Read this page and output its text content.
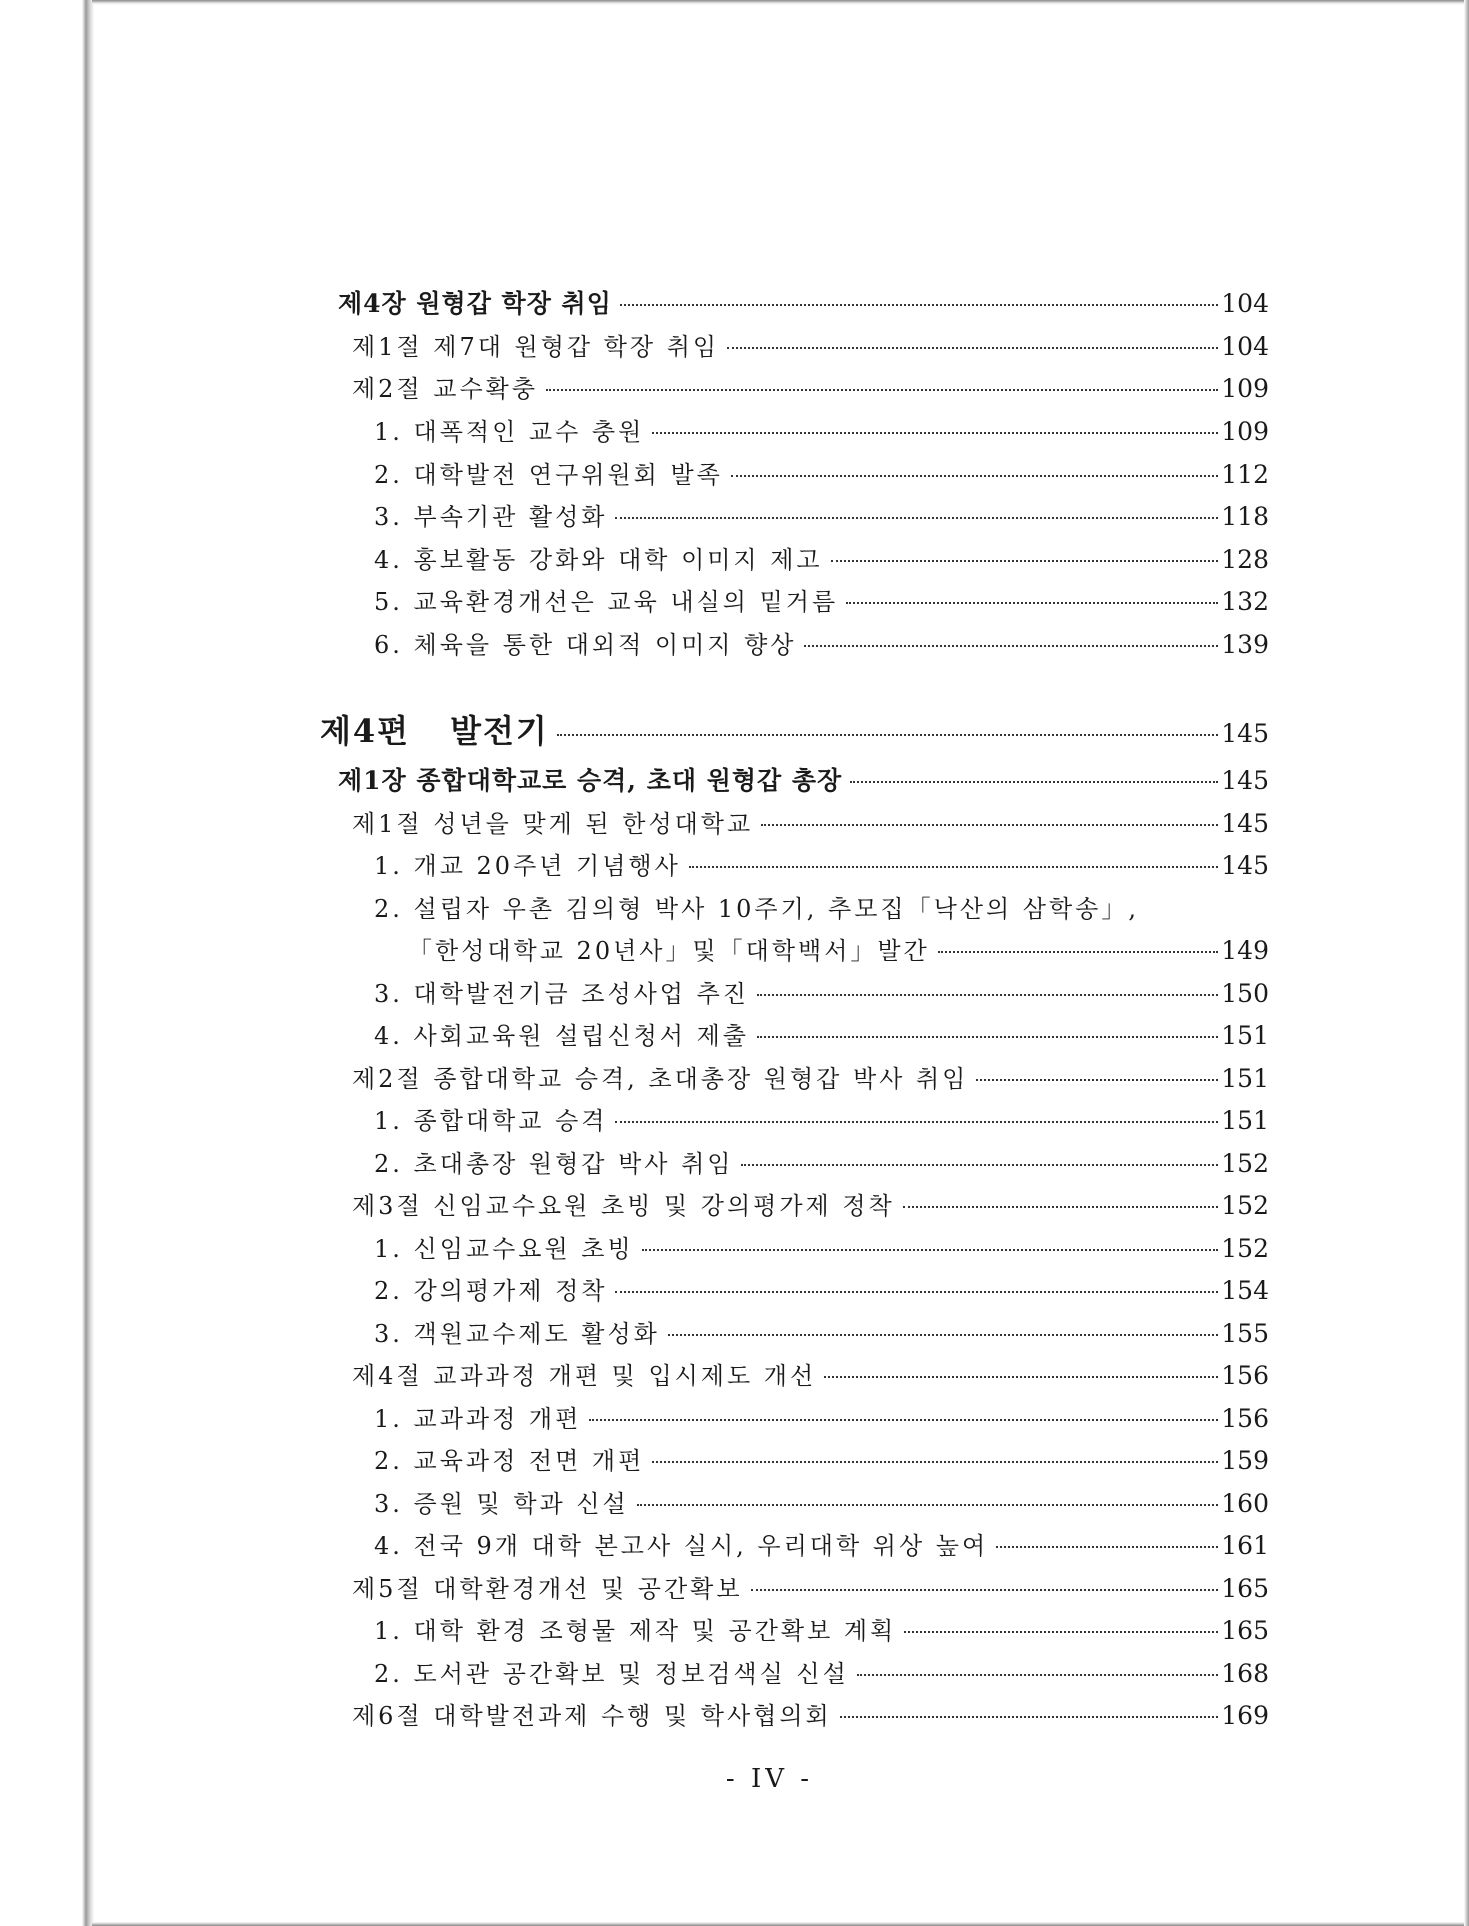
제4장 원형갑 학장 취임	104
제1절 제7대 원형갑 학장 취임	104
제2절 교수확충	109
1. 대폭적인 교수 충원	109
2. 대학발전 연구위원회 발족	112
3. 부속기관 활성화	118
4. 홍보활동 강화와 대학 이미지 제고	128
5. 교육환경개선은 교육 내실의 밑거름	132
6. 체육을 통한 대외적 이미지 향상	139
제4편 발전기	145
제1장 종합대학교로 승격, 초대 원형갑 총장	145
제1절 성년을 맞게 된 한성대학교	145
1. 개교 20주년 기념행사	145
2. 설립자 우촌 김의형 박사 10주기, 추모집「낙산의 삼학송」,
「한성대학교 20년사」및「대학백서」발간	149
3. 대학발전기금 조성사업 추진	150
4. 사회교육원 설립신청서 제출	151
제2절 종합대학교 승격, 초대총장 원형갑 박사 취임	151
1. 종합대학교 승격	151
2. 초대총장 원형갑 박사 취임	152
제3절 신임교수요원 초빙 및 강의평가제 정착	152
1. 신임교수요원 초빙	152
2. 강의평가제 정착	154
3. 객원교수제도 활성화	155
제4절 교과과정 개편 및 입시제도 개선	156
1. 교과과정 개편	156
2. 교육과정 전면 개편	159
3. 증원 및 학과 신설	160
4. 전국 9개 대학 본고사 실시, 우리대학 위상 높여	161
제5절 대학환경개선 및 공간확보	165
1. 대학 환경 조형물 제작 및 공간확보 계획	165
2. 도서관 공간확보 및 정보검색실 신설	168
제6절 대학발전과제 수행 및 학사협의회	169
- IV -
